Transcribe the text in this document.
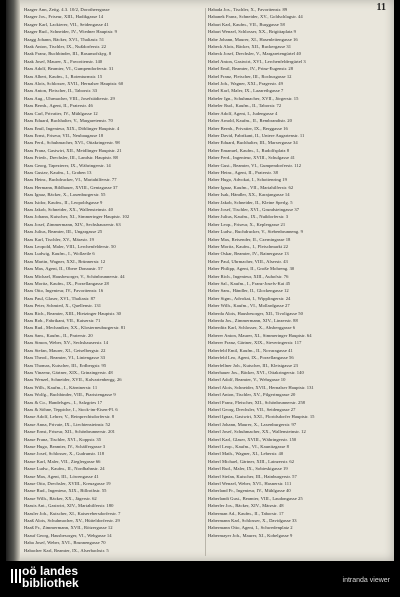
11
Haager Ann, Zeitg. 4.3. 10/2, Dorotheergasse
Haager Jos., Friseur, XIII., Hadikgasse 14
Haager Karl, Lackierer, VII., Seidengasse 41
Haager Rud., Schneider, IV., Wiedner Hauptstr. 9
Haagg Johann, Bäcker, XVI., Thaliastr. 51
Haak Anton, Tischler, IX., Nußdorferstr. 22
Haak Franz, Buchbinder, III., Rasumofskyg. 8
Haak Josef, Maurer, X., Favoritenstr. 140
Haas Adolf, Beamter, VI., Gumpendorferstr. 31
Haas Albert, Kaufm., I., Rotenturmstr. 15
Haas Alois, Schlosser, XVII., Hernalser Hauptstr. 60
Haas Anton, Fleischer, II., Taborstr. 33
Haas Aug., Uhrmacher, VIII., Josefstädterstr. 29
Haas Bernh., Agent, II., Praterstr. 46
Haas Carl, Privatier, IV., Mühlgasse 12
Haas Eduard, Buchhalter, V., Margaretenstr. 70
Haas Emil, Ingenieur, XIX., Döblinger Hauptstr. 4
Haas Ernst, Friseur, VII., Neubaugasse 18
Haas Ferd., Schuhmacher, XVI., Ottakringerstr. 98
Haas Franz, Gastwirt, XII., Meidlinger Hauptstr. 21
Haas Friedr., Drechsler, III., Landstr. Hauptstr. 88
Haas Georg, Tapezierer, IX., Währingerstr. 14
Haas Gustav, Kaufm., I., Graben 13
Haas Heinr., Buchdrucker, VI., Mariahilferstr. 77
Haas Hermann, Bildhauer, XVIII., Gentzgasse 37
Haas Ignaz, Bäcker, X., Laxenburgerstr. 55
Haas Isidor, Kaufm., II., Leopoldsgasse 9
Haas Jakob, Schneider, XX., Wallensteinstr. 40
Haas Johann, Kutscher, XI., Simmeringer Hauptstr. 102
Haas Josef, Zimmermann, XIV., Sechshauserstr. 63
Haas Julius, Beamter, III., Ungargasse 25
Haas Karl, Tischler, XV., Märzstr. 19
Haas Leopold, Maler, VIII., Lerchenfelderstr. 50
Haas Ludwig, Kaufm., I., Wollzeile 6
Haas Martin, Wagner, XXI., Brünnerstr. 12
Haas Max, Agent, II., Obere Donaustr. 57
Haas Michael, Hausbesorger, V., Schönbrunnerstr. 44
Haas Moritz, Kaufm., IX., Porzellangasse 28
Haas Otto, Ingenieur, IV., Favoritenstr. 16
Haas Paul, Glaser, XVI., Thaliastr. 87
Haas Peter, Schmied, X., Quellenstr. 131
Haas Rich., Beamter, XIII., Hietzinger Hauptstr. 30
Haas Rob., Fabrikant, VII., Kaiserstr. 71
Haas Rud., Mechaniker, XX., Klosterneuburgerstr. 81
Haas Sam., Kaufm., II., Praterstr. 20
Haas Simon, Weber, XV., Sechshauserstr. 14
Haas Stefan, Maurer, XI., Geiselbergstr. 22
Haas Theod., Beamter, VI., Liniengasse 33
Haas Thomas, Kutscher, III., Erdbergstr. 95
Haas Vinzenz, Gärtner, XIX., Grinzingerstr. 48
Haas Wenzel, Schneider, XVII., Kalvarienbergg. 26
Haas Wilh., Kaufm., I., Kärntnerstr. 11
Haas Wolfg., Buchbinder, VIII., Piaristengasse 9
Haas & Co., Handelsges., I., Salzgries 17
Haas & Söhne, Teppiche, I., Stock-im-Eisen-Pl. 6
Haase Adolf, Lehrer, V., Reinprechtsdorferstr. 8
Haase Anna, Private, IX., Liechtensteinstr. 52
Haase Ernst, Friseur, XII., Schönbrunnerstr. 201
Haase Franz, Tischler, XVI., Koppstr. 35
Haase Hugo, Beamter, IV., Schäffergasse 3
Haase Josef, Schlosser, X., Gudrunstr. 118
Haase Karl, Maler, VII., Zieglergasse 66
Haase Ludw., Kaufm., II., Nordbahnstr. 24
Haase Max, Agent, III., Löwengasse 41
Haase Otto, Drechsler, XVIII., Kreuzgasse 19
Haase Rud., Ingenieur, XIX., Billrothstr. 55
Haase Wilh., Bäcker, XX., Jägerstr. 62
Haasis Ant., Gastwirt, XIV., Mariahilferstr. 180
Haasler Joh., Kutscher, XI., Kaiserebersdorferstr. 7
Haaß Alois, Schuhmacher, XV., Hütteldorferstr. 29
Haaß Fr., Zimmermann, XVII., Rötzergasse 12
Haauf Georg, Hausbesorger, VI., Webgasse 14
Haba Josef, Weber, XVI., Brunnengasse 70
Habacher Karl, Beamter, IX., Alserbachstr. 5
Habada Jos., Tischler, X., Favoritenstr. 89
Habanek Franz, Schneider, XV., Goldschlagstr. 44
Habart Karl, Kaufm., VII., Burggasse 58
Habart Wenzel, Schlosser, XX., Brigittaplatz 9
Habe Johann, Maurer, XI., Hasenleitengasse 16
Habeck Alois, Bäcker, XII., Ruckergasse 31
Habeck Josef, Drechsler, V., Margaretengürtel 40
Habel Anton, Gastwirt, XVI., Lerchenfeldergürtel 3
Habel Emil, Beamter, IV., Prinz-Eugenstr. 28
Habel Franz, Fleischer, III., Rochusgasse 12
Habel Joh., Wagner, XXI., Pragerstr. 49
Habel Karl, Maler, IX., Lazarethgasse 7
Habeler Ign., Schuhmacher, XVII., Jörgerstr. 15
Habeler Rud., Kaufm., II., Taborstr. 72
Haber Adolf, Agent, I., Judengasse 4
Haber Arnold, Kaufm., II., Rembrandtstr. 20
Haber Bernh., Privatier, IX., Berggasse 16
Haber David, Fabrikant, II., Untere Augartenstr. 11
Haber Eduard, Buchhalter, III., Marxergasse 34
Haber Emanuel, Kaufm., I., Rudolfsplatz 8
Haber Ferd., Ingenieur, XVIII., Schulgasse 41
Haber Gust., Beamter, VI., Gumpendorferstr. 112
Haber Heinr., Agent, II., Praterstr. 38
Haber Hugo, Advokat, I., Schottenring 19
Haber Ignaz, Kaufm., VII., Mariahilferstr. 62
Haber Isak, Händler, XX., Karajangasse 14
Haber Jakob, Schneider, II., Kleine Sperlg. 5
Haber Josef, Tischler, XVI., Grundsteingasse 37
Haber Julius, Kaufm., IX., Nußdorferstr. 3
Haber Leop., Friseur, X., Keplergasse 21
Haber Ludw., Buchdrucker, V., Siebenbrunneng. 9
Haber Max, Reisender, II., Czerningasse 18
Haber Moritz, Kaufm., I., Fleischmarkt 22
Haber Oskar, Beamter, IV., Rainergasse 13
Haber Paul, Uhrmacher, VIII., Alserstr. 43
Haber Philipp, Agent, II., Große Mohreng. 30
Haber Rich., Ingenieur, XIII., Auhofstr. 76
Haber Sal., Kaufm., I., Franz-Josefs-Kai 45
Haber Sam., Händler, II., Glockengasse 12
Haber Sigm., Advokat, I., Wipplingerstr. 24
Haber Wilh., Kaufm., VI., Mollardgasse 27
Haberda Alois, Hausbesorger, XII., Tivoligasse 50
Haberda Jos., Zimmermann, XIV., Linzerstr. 88
Haberditz Karl, Schlosser, X., Absberggasse 6
Haberer Anton, Maurer, XI., Simmeringer Hauptstr. 64
Haberer Franz, Gärtner, XIX., Sieveringerstr. 117
Haberfeld Emil, Kaufm., II., Novaragasse 41
Haberfeld Leo, Agent, IX., Porzellangasse 56
Haberfellner Joh., Kutscher, III., Kleistgasse 23
Haberhauer Jos., Bäcker, XVI., Ottakringerstr. 140
Haberl Adolf, Beamter, V., Wehrgasse 10
Haberl Alois, Schneider, XVII., Hernalser Hauptstr. 131
Haberl Anton, Tischler, XV., Pilgerimgasse 20
Haberl Franz, Fleischer, XII., Schönbrunnerstr. 258
Haberl Georg, Drechsler, VII., Seidengasse 27
Haberl Ignaz, Gastwirt, XXI., Floridsdorfer Hauptstr. 15
Haberl Johann, Maurer, X., Laxenburgerstr. 97
Haberl Josef, Schuhmacher, XX., Wallensteinstr. 12
Haberl Karl, Glaser, XVIII., Währingerstr. 150
Haberl Leop., Kaufm., VI., Kaunitzgasse 8
Haberl Math., Wagner, XI., Leberstr. 40
Haberl Michael, Gärtner, XIII., Lainzerstr. 62
Haberl Rud., Maler, IX., Sobieskigasse 19
Haberl Stefan, Kutscher, III., Hainburgerstr. 57
Haberl Wenzel, Weber, XVI., Hasnerstr. 111
Haberland Fr., Ingenieur, IV., Mühlgasse 40
Haberlandt Gust., Beamter, VIII., Laudongasse 25
Haberler Jos., Bäcker, XIV., Märzstr. 48
Haberman Ad., Kaufm., II., Taborstr. 17
Habermann Karl, Schlosser, X., Davidgasse 33
Habermann Otto, Agent, I., Schwedenplatz 2
Habermayer Joh., Maurer, XI., Kobelgasse 9
oö landes
bibliothek	intranda viewer
